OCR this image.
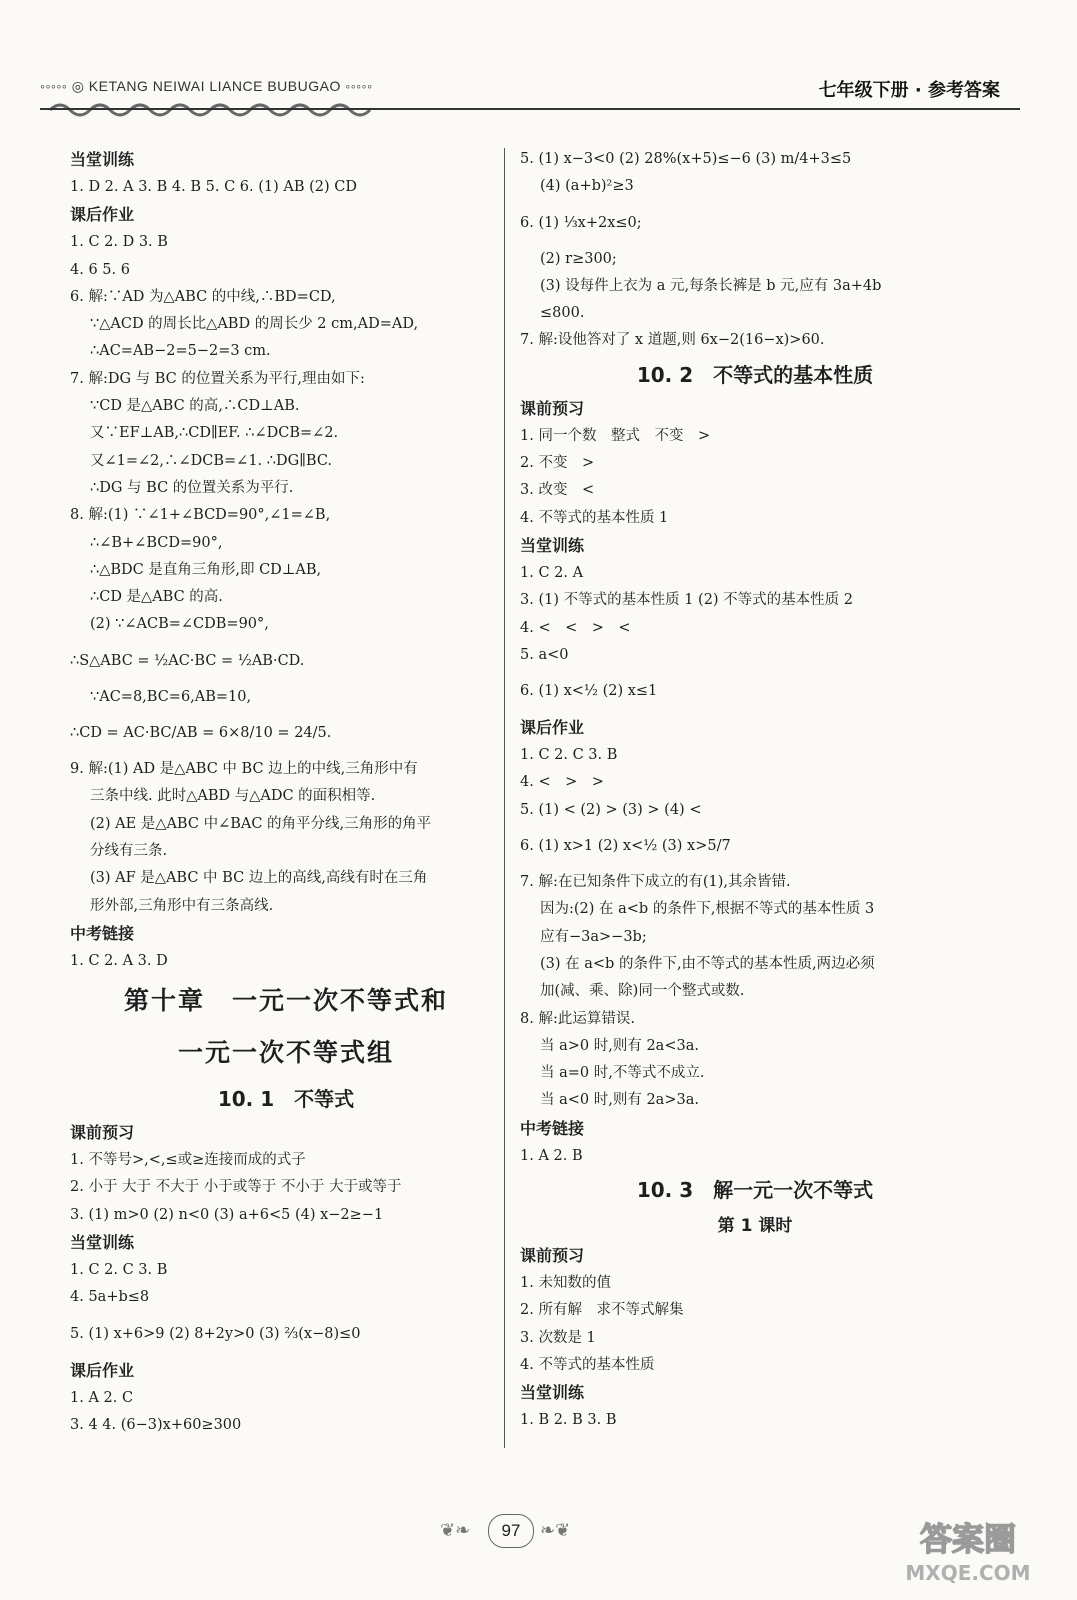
◦◦◦◦◦ ◎ KETANG NEIWAI LIANCE BUBUGAO ◦◦◦◦◦	七年级下册 · 参考答案
当堂训练
1. D 2. A 3. B 4. B 5. C 6. (1) AB (2) CD
课后作业
1. C 2. D 3. B
4. 6 5. 6
6. 解:∵AD 为△ABC 的中线,∴BD=CD,
∵△ACD 的周长比△ABD 的周长少 2 cm,AD=AD,
∴AC=AB−2=5−2=3 cm.
7. 解:DG 与 BC 的位置关系为平行,理由如下:
∵CD 是△ABC 的高,∴CD⊥AB.
又∵EF⊥AB,∴CD∥EF. ∴∠DCB=∠2.
又∠1=∠2,∴∠DCB=∠1. ∴DG∥BC.
∴DG 与 BC 的位置关系为平行.
8. 解:(1) ∵∠1+∠BCD=90°,∠1=∠B,
∴∠B+∠BCD=90°,
∴△BDC 是直角三角形,即 CD⊥AB,
∴CD 是△ABC 的高.
(2) ∵∠ACB=∠CDB=90°,
∴S△ABC = ½AC·BC = ½AB·CD.
∵AC=8,BC=6,AB=10,
∴CD = AC·BC/AB = 6×8/10 = 24/5.
9. 解:(1) AD 是△ABC 中 BC 边上的中线,三角形中有
三条中线. 此时△ABD 与△ADC 的面积相等.
(2) AE 是△ABC 中∠BAC 的角平分线,三角形的角平
分线有三条.
(3) AF 是△ABC 中 BC 边上的高线,高线有时在三角
形外部,三角形中有三条高线.
中考链接
1. C 2. A 3. D
第十章　一元一次不等式和
一元一次不等式组
10. 1　不等式
课前预习
1. 不等号>,<,≤或≥连接而成的式子
2. 小于 大于 不大于 小于或等于 不小于 大于或等于
3. (1) m>0 (2) n<0 (3) a+6<5 (4) x−2≥−1
当堂训练
1. C 2. C 3. B
4. 5a+b≤8
5. (1) x+6>9 (2) 8+2y>0 (3) ⅔(x−8)≤0
课后作业
1. A 2. C
3. 4 4. (6−3)x+60≥300
5. (1) x−3<0 (2) 28%(x+5)≤−6 (3) m/4+3≤5
(4) (a+b)²≥3
6. (1) ⅓x+2x≤0;
(2) r≥300;
(3) 设每件上衣为 a 元,每条长裤是 b 元,应有 3a+4b
≤800.
7. 解:设他答对了 x 道题,则 6x−2(16−x)>60.
10. 2　不等式的基本性质
课前预习
1. 同一个数　整式　不变　>
2. 不变　>
3. 改变　<
4. 不等式的基本性质 1
当堂训练
1. C 2. A
3. (1) 不等式的基本性质 1 (2) 不等式的基本性质 2
4. <　<　>　<
5. a<0
6. (1) x<½ (2) x≤1
课后作业
1. C 2. C 3. B
4. <　>　>
5. (1) < (2) > (3) > (4) <
6. (1) x>1 (2) x<½ (3) x>5/7
7. 解:在已知条件下成立的有(1),其余皆错.
因为:(2) 在 a<b 的条件下,根据不等式的基本性质 3
应有−3a>−3b;
(3) 在 a<b 的条件下,由不等式的基本性质,两边必须
加(减、乘、除)同一个整式或数.
8. 解:此运算错误.
当 a>0 时,则有 2a<3a.
当 a=0 时,不等式不成立.
当 a<0 时,则有 2a>3a.
中考链接
1. A 2. B
10. 3　解一元一次不等式
第 1 课时
课前预习
1. 未知数的值
2. 所有解　求不等式解集
3. 次数是 1
4. 不等式的基本性质
当堂训练
1. B 2. B 3. B
❦❧	97	❧❦	答案圈
MXQE.COM
